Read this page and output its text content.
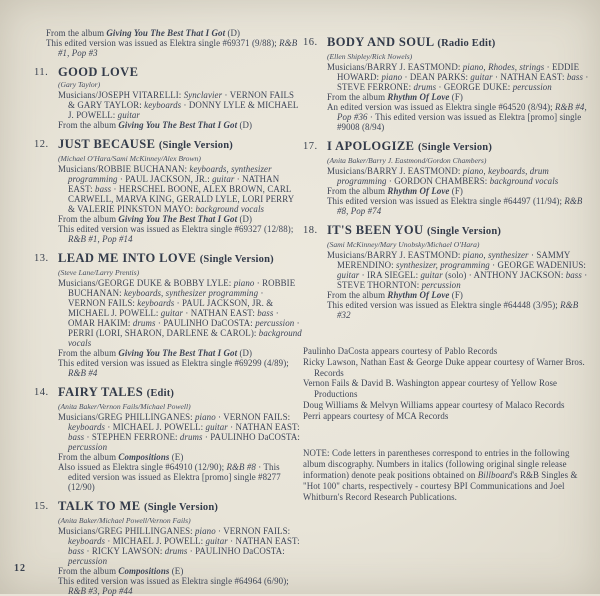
From the album Giving You The Best That I Got (D)
This edited version was issued as Elektra single #69371 (9/88); R&B #1, Pop #3
11. GOOD LOVE
(Gary Taylor)
Musicians/JOSEPH VITARELLI: Synclavier · VERNON FAILS & GARY TAYLOR: keyboards · DONNY LYLE & MICHAEL J. POWELL: guitar
From the album Giving You The Best That I Got (D)
12. JUST BECAUSE (Single Version)
(Michael O'Hara/Sami McKinney/Alex Brown)
Musicians/ROBBIE BUCHANAN: keyboards, synthesizer programming · PAUL JACKSON, JR.: guitar · NATHAN EAST: bass · HERSCHEL BOONE, ALEX BROWN, CARL CARWELL, MARVA KING, GERALD LYLE, LORI PERRY & VALERIE PINKSTON MAYO: background vocals
From the album Giving You The Best That I Got (D)
This edited version was issued as Elektra single #69327 (12/88); R&B #1, Pop #14
13. LEAD ME INTO LOVE (Single Version)
(Steve Lane/Larry Prentis)
Musicians/GEORGE DUKE & BOBBY LYLE: piano · ROBBIE BUCHANAN: keyboards, synthesizer programming · VERNON FAILS: keyboards · PAUL JACKSON, JR. & MICHAEL J. POWELL: guitar · NATHAN EAST: bass · OMAR HAKIM: drums · PAULINHO DaCOSTA: percussion · PERRI (LORI, SHARON, DARLENE & CAROL): background vocals
From the album Giving You The Best That I Got (D)
This edited version was issued as Elektra single #69299 (4/89); R&B #4
14. FAIRY TALES (Edit)
(Anita Baker/Vernon Fails/Michael Powell)
Musicians/GREG PHILLINGANES: piano · VERNON FAILS: keyboards · MICHAEL J. POWELL: guitar · NATHAN EAST: bass · STEPHEN FERRONE: drums · PAULINHO DaCOSTA: percussion
From the album Compositions (E)
Also issued as Elektra single #64910 (12/90); R&B #8 · This edited version was issued as Elektra [promo] single #8277 (12/90)
15. TALK TO ME (Single Version)
(Anita Baker/Michael Powell/Vernon Fails)
Musicians/GREG PHILLINGANES: piano · VERNON FAILS: keyboards · MICHAEL J. POWELL: guitar · NATHAN EAST: bass · RICKY LAWSON: drums · PAULINHO DaCOSTA: percussion
From the album Compositions (E)
This edited version was issued as Elektra single #64964 (6/90); R&B #3, Pop #44
16. BODY AND SOUL (Radio Edit)
(Ellen Shipley/Rick Nowels)
Musicians/BARRY J. EASTMOND: piano, Rhodes, strings · EDDIE HOWARD: piano · DEAN PARKS: guitar · NATHAN EAST: bass · STEVE FERRONE: drums · GEORGE DUKE: percussion
From the album Rhythm Of Love (F)
An edited version was issued as Elektra single #64520 (8/94); R&B #4, Pop #36 · This edited version was issued as Elektra [promo] single #9008 (8/94)
17. I APOLOGIZE (Single Version)
(Anita Baker/Barry J. Eastmond/Gordon Chambers)
Musicians/BARRY J. EASTMOND: piano, keyboards, drum programming · GORDON CHAMBERS: background vocals
From the album Rhythm Of Love (F)
This edited version was issued as Elektra single #64497 (11/94); R&B #8, Pop #74
18. IT'S BEEN YOU (Single Version)
(Sami McKinney/Mary Unobsky/Michael O'Hara)
Musicians/BARRY J. EASTMOND: piano, synthesizer · SAMMY MERENDINO: synthesizer, programming · GEORGE WADENIUS: guitar · IRA SIEGEL: guitar (solo) · ANTHONY JACKSON: bass · STEVE THORNTON: percussion
From the album Rhythm Of Love (F)
This edited version was issued as Elektra single #64448 (3/95); R&B #32
Paulinho DaCosta appears courtesy of Pablo Records
Ricky Lawson, Nathan East & George Duke appear courtesy of Warner Bros. Records
Vernon Fails & David B. Washington appear courtesy of Yellow Rose Productions
Doug Williams & Melvyn Williams appear courtesy of Malaco Records
Perri appears courtesy of MCA Records
NOTE: Code letters in parentheses correspond to entries in the following album discography. Numbers in italics (following original single release information) denote peak positions obtained on Billboard's R&B Singles & "Hot 100" charts, respectively - courtesy BPI Communications and Joel Whitburn's Record Research Publications.
12
